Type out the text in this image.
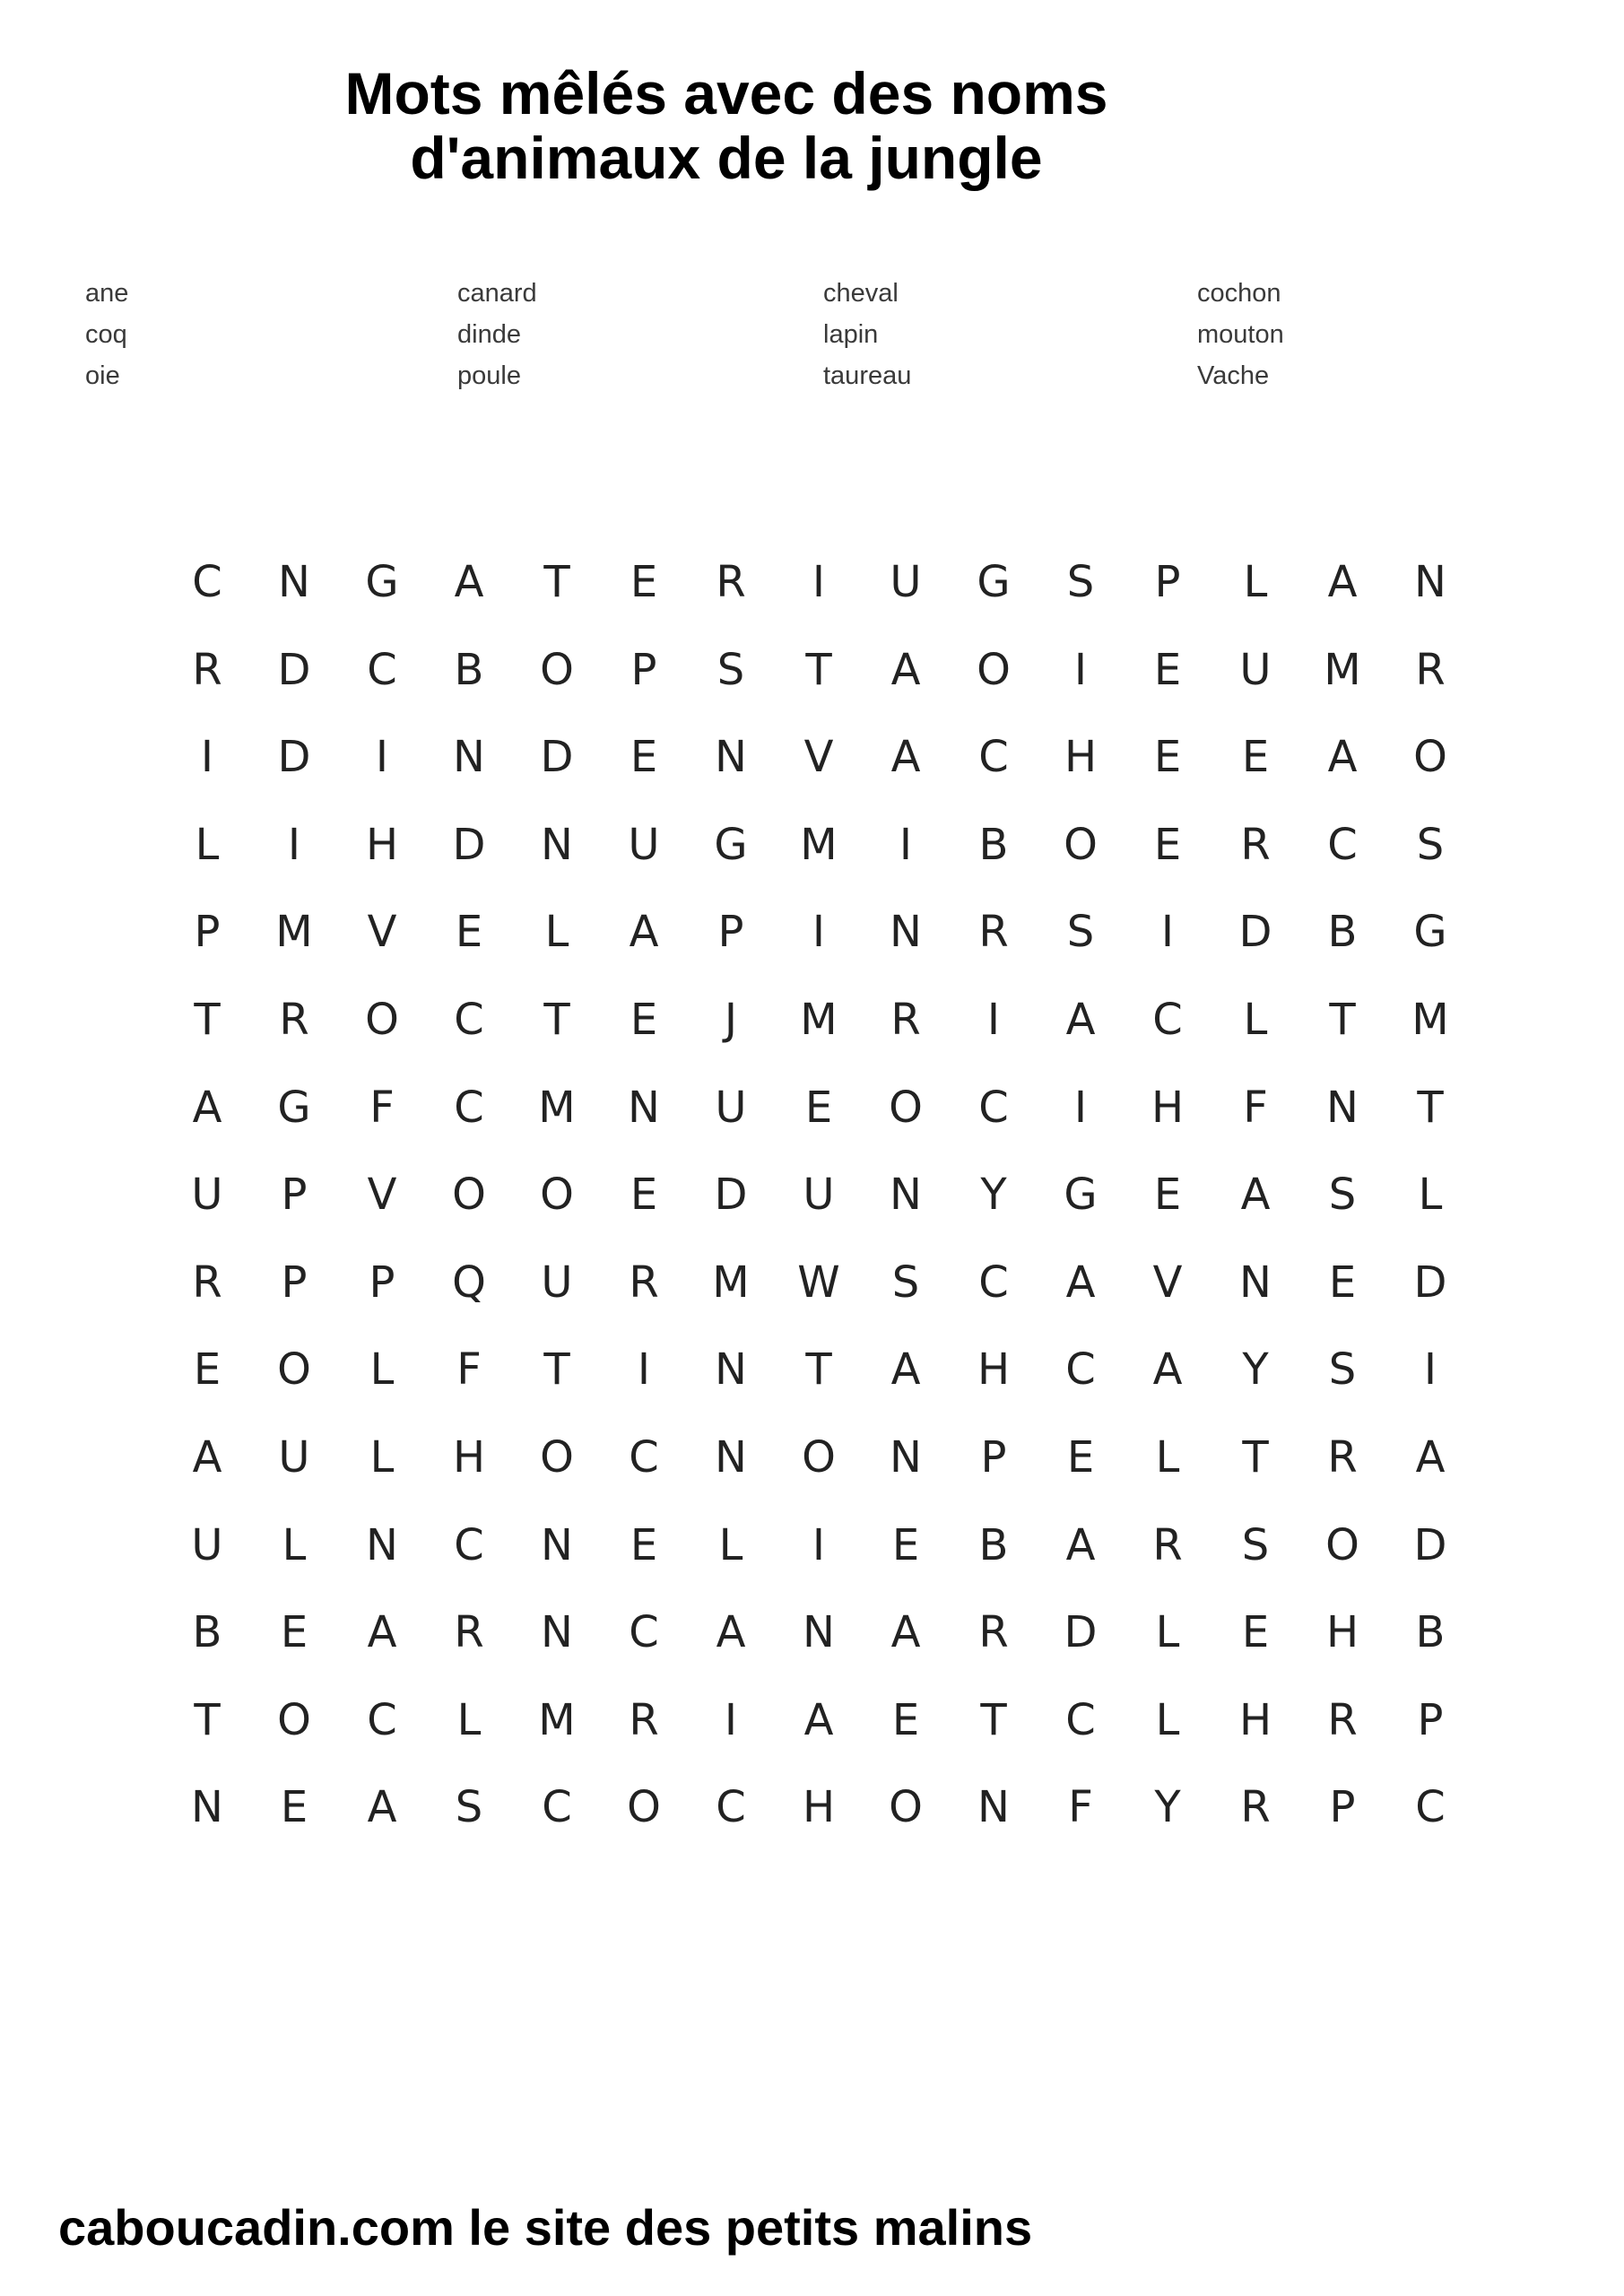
Mots mêlés avec des noms
d'animaux de la jungle
ane
coq
oie
canard
dinde
poule
cheval
lapin
taureau
cochon
mouton
Vache
C	N	G	A	T	E	R	I	U	G	S	P	L	A	N
R	D	C	B	O	P	S	T	A	O	I	E	U	M	R
I	D	I	N	D	E	N	V	A	C	H	E	E	A	O
L	I	H	D	N	U	G	M	I	B	O	E	R	C	S
P	M	V	E	L	A	P	I	N	R	S	I	D	B	G
T	R	O	C	T	E	J	M	R	I	A	C	L	T	M
A	G	F	C	M	N	U	E	O	C	I	H	F	N	T
U	P	V	O	O	E	D	U	N	Y	G	E	A	S	L
R	P	P	Q	U	R	M	W	S	C	A	V	N	E	D
E	O	L	F	T	I	N	T	A	H	C	A	Y	S	I
A	U	L	H	O	C	N	O	N	P	E	L	T	R	A
U	L	N	C	N	E	L	I	E	B	A	R	S	O	D
B	E	A	R	N	C	A	N	A	R	D	L	E	H	B
T	O	C	L	M	R	I	A	E	T	C	L	H	R	P
N	E	A	S	C	O	C	H	O	N	F	Y	R	P	C
caboucadin.com le site des petits malins
